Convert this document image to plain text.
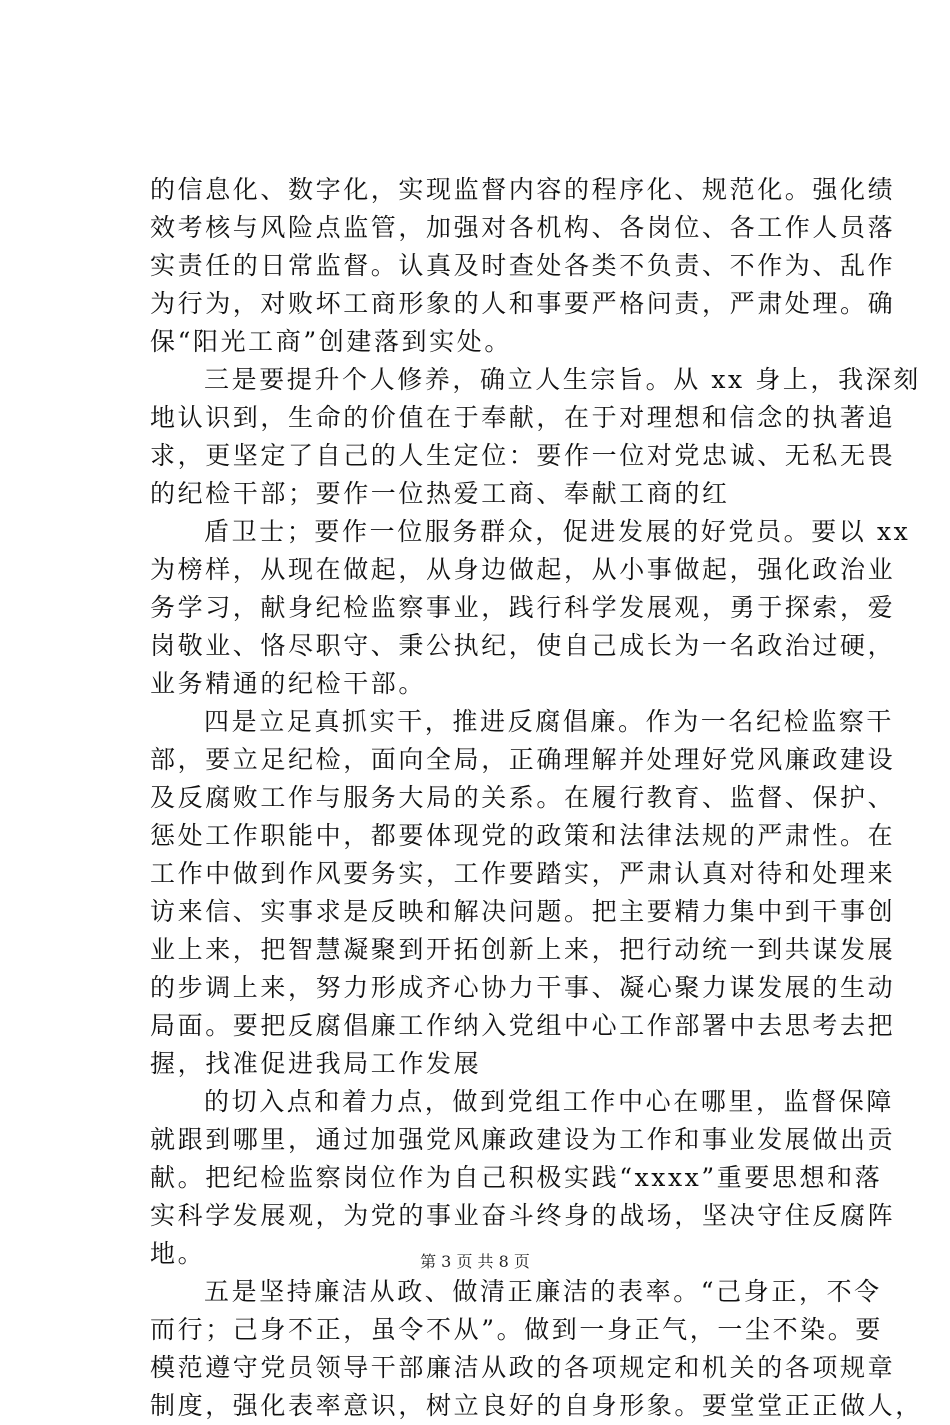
的信息化、数字化，实现监督内容的程序化、规范化。强化绩
效考核与风险点监管，加强对各机构、各岗位、各工作人员落
实责任的日常监督。认真及时查处各类不负责、不作为、乱作
为行为，对败坏工商形象的人和事要严格问责，严肃处理。确
保“阳光工商”创建落到实处。
三是要提升个人修养，确立人生宗旨。从 xx 身上，我深刻
地认识到，生命的价值在于奉献，在于对理想和信念的执著追
求，更坚定了自己的人生定位：要作一位对党忠诚、无私无畏
的纪检干部；要作一位热爱工商、奉献工商的红
盾卫士；要作一位服务群众，促进发展的好党员。要以 xx
为榜样，从现在做起，从身边做起，从小事做起，强化政治业
务学习，献身纪检监察事业，践行科学发展观，勇于探索，爱
岗敬业、恪尽职守、秉公执纪，使自己成长为一名政治过硬，
业务精通的纪检干部。
四是立足真抓实干，推进反腐倡廉。作为一名纪检监察干
部，要立足纪检，面向全局，正确理解并处理好党风廉政建设
及反腐败工作与服务大局的关系。在履行教育、监督、保护、
惩处工作职能中，都要体现党的政策和法律法规的严肃性。在
工作中做到作风要务实，工作要踏实，严肃认真对待和处理来
访来信、实事求是反映和解决问题。把主要精力集中到干事创
业上来，把智慧凝聚到开拓创新上来，把行动统一到共谋发展
的步调上来，努力形成齐心协力干事、凝心聚力谋发展的生动
局面。要把反腐倡廉工作纳入党组中心工作部署中去思考去把
握，找准促进我局工作发展
的切入点和着力点，做到党组工作中心在哪里，监督保障
就跟到哪里，通过加强党风廉政建设为工作和事业发展做出贡
献。把纪检监察岗位作为自己积极实践“xxxx”重要思想和落
实科学发展观，为党的事业奋斗终身的战场，坚决守住反腐阵
地。
五是坚持廉洁从政、做清正廉洁的表率。“己身正，不令
而行；己身不正，虽令不从”。做到一身正气，一尘不染。要
模范遵守党员领导干部廉洁从政的各项规定和机关的各项规章
制度，强化表率意识，树立良好的自身形象。要堂堂正正做人，
第 3 页 共 8 页
